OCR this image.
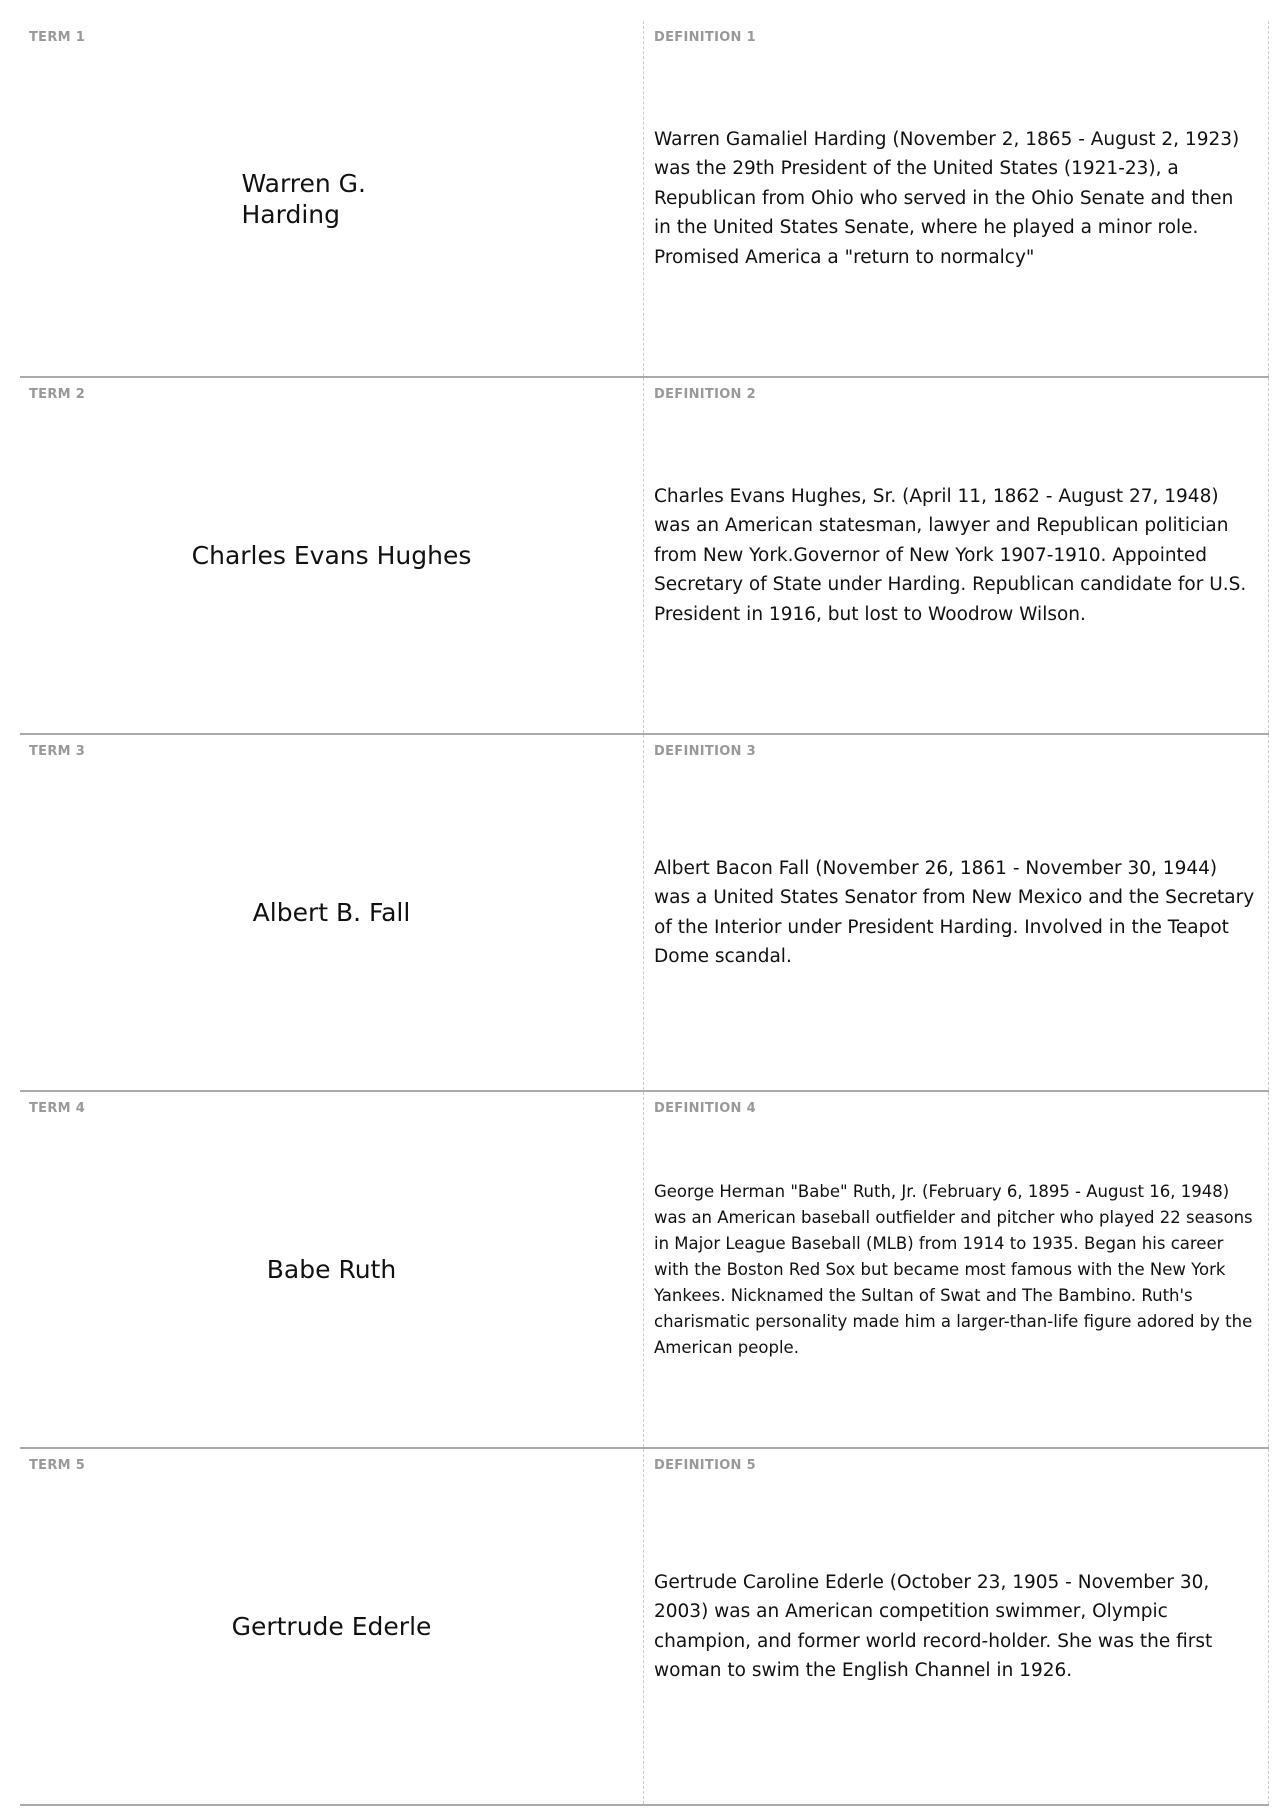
TERM 1
Warren G. Harding
DEFINITION 1
Warren Gamaliel Harding (November 2, 1865 - August 2, 1923) was the 29th President of the United States (1921-23), a Republican from Ohio who served in the Ohio Senate and then in the United States Senate, where he played a minor role. Promised America a "return to normalcy"
TERM 2
Charles Evans Hughes
DEFINITION 2
Charles Evans Hughes, Sr. (April 11, 1862 - August 27, 1948) was an American statesman, lawyer and Republican politician from New York.Governor of New York 1907-1910. Appointed Secretary of State under Harding. Republican candidate for U.S. President in 1916, but lost to Woodrow Wilson.
TERM 3
Albert B. Fall
DEFINITION 3
Albert Bacon Fall (November 26, 1861 - November 30, 1944) was a United States Senator from New Mexico and the Secretary of the Interior under President Harding. Involved in the Teapot Dome scandal.
TERM 4
Babe Ruth
DEFINITION 4
George Herman "Babe" Ruth, Jr. (February 6, 1895 - August 16, 1948) was an American baseball outfielder and pitcher who played 22 seasons in Major League Baseball (MLB) from 1914 to 1935. Began his career with the Boston Red Sox but became most famous with the New York Yankees. Nicknamed the Sultan of Swat and The Bambino. Ruth's charismatic personality made him a larger-than-life figure adored by the American people.
TERM 5
Gertrude Ederle
DEFINITION 5
Gertrude Caroline Ederle (October 23, 1905 - November 30, 2003) was an American competition swimmer, Olympic champion, and former world record-holder. She was the first woman to swim the English Channel in 1926.
